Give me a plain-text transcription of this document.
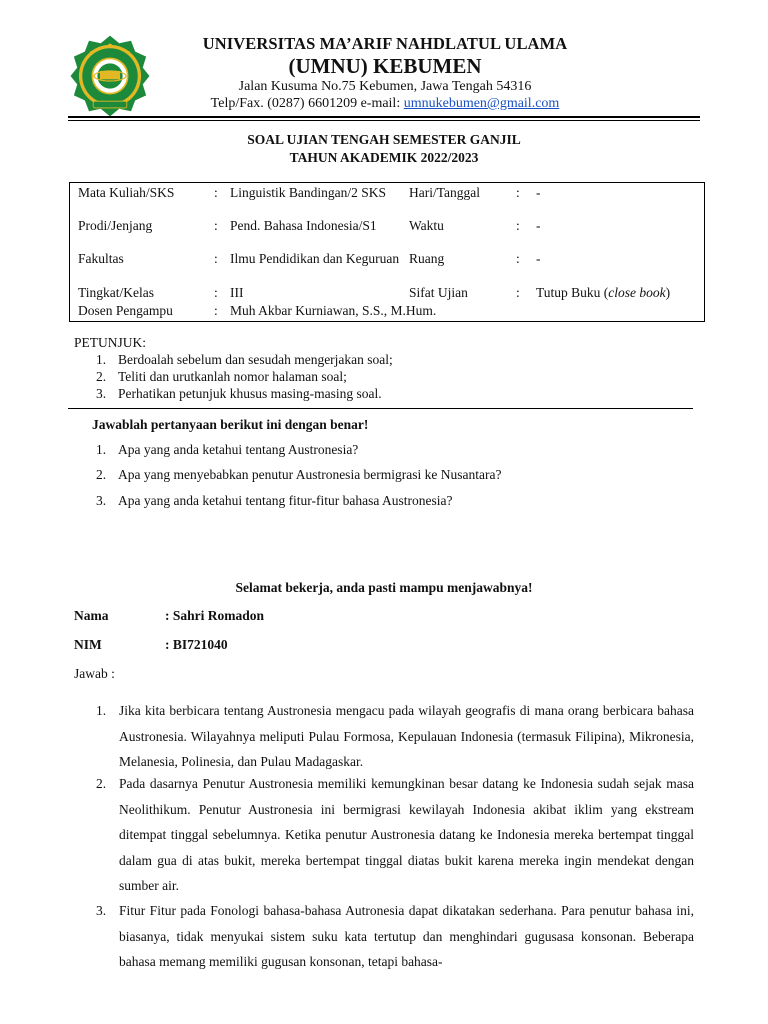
UNIVERSITAS MA’ARIF NAHDLATUL ULAMA
(UMNU) KEBUMEN
Jalan Kusuma No.75 Kebumen, Jawa Tengah 54316
Telp/Fax. (0287) 6601209 e-mail: umnukebumen@gmail.com
SOAL UJIAN TENGAH SEMESTER GANJIL
TAHUN AKADEMIK 2022/2023
Mata Kuliah/SKS	: Linguistik Bandingan/2 SKS	Hari/Tanggal	:	-
Prodi/Jenjang	: Pend. Bahasa Indonesia/S1	Waktu	:	-
Fakultas	: Ilmu Pendidikan dan Keguruan Ruang	:	-
Tingkat/Kelas	: III	Sifat Ujian	:	Tutup Buku (close book)
Dosen Pengampu	: Muh Akbar Kurniawan, S.S., M.Hum.
PETUNJUK:
1. Berdoalah sebelum dan sesudah mengerjakan soal;
2. Teliti dan urutkanlah nomor halaman soal;
3. Perhatikan petunjuk khusus masing-masing soal.
Jawablah pertanyaan berikut ini dengan benar!
1. Apa yang anda ketahui tentang Austronesia?
2. Apa yang menyebabkan penutur Austronesia bermigrasi ke Nusantara?
3. Apa yang anda ketahui tentang fitur-fitur bahasa Austronesia?
Selamat bekerja, anda pasti mampu menjawabnya!
Nama	: Sahri Romadon
NIM	: BI721040
Jawab :
1. Jika kita berbicara tentang Austronesia mengacu pada wilayah geografis di mana orang berbicara bahasa Austronesia. Wilayahnya meliputi Pulau Formosa, Kepulauan Indonesia (termasuk Filipina), Mikronesia, Melanesia, Polinesia, dan Pulau Madagaskar.
2. Pada dasarnya Penutur Austronesia memiliki kemungkinan besar datang ke Indonesia sudah sejak masa Neolithikum. Penutur Austronesia ini bermigrasi kewilayah Indonesia akibat iklim yang ekstream ditempat tinggal sebelumnya. Ketika penutur Austronesia datang ke Indonesia mereka bertempat tinggal dalam gua di atas bukit, mereka bertempat tinggal diatas bukit karena mereka ingin mendekat dengan sumber air.
3. Fitur Fitur pada Fonologi bahasa-bahasa Autronesia dapat dikatakan sederhana. Para penutur bahasa ini, biasanya, tidak menyukai sistem suku kata tertutup dan menghindari gugusasa konsonan. Beberapa bahasa memang memiliki gugusan konsonan, tetapi bahasa-
